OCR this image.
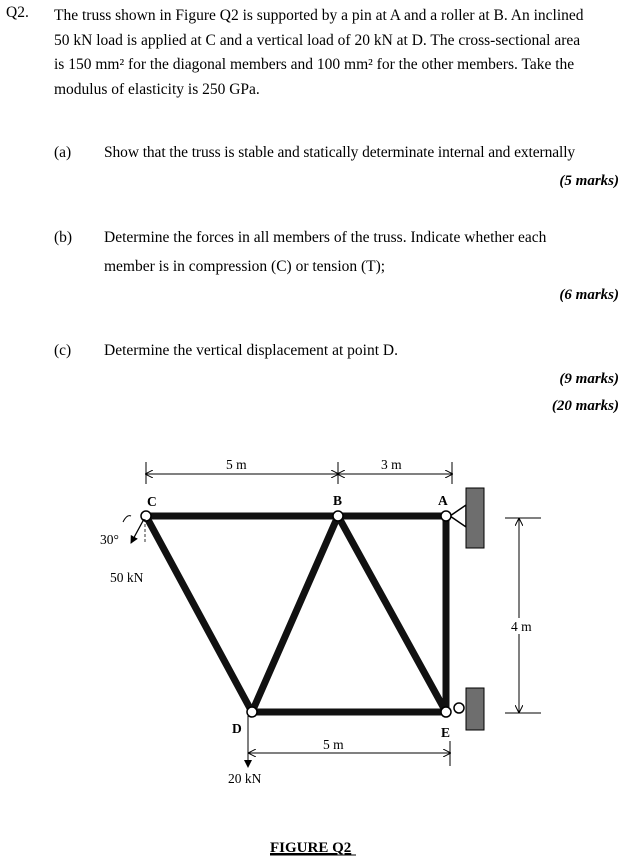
Q2. The truss shown in Figure Q2 is supported by a pin at A and a roller at B. An inclined
50 kN load is applied at C and a vertical load of 20 kN at D. The cross-sectional area
is 150 mm² for the diagonal members and 100 mm² for the other members. Take the
modulus of elasticity is 250 GPa.
(a) Show that the truss is stable and statically determinate internal and externally
(5 marks)
(b) Determine the forces in all members of the truss. Indicate whether each
member is in compression (C) or tension (T);
(6 marks)
(c) Determine the vertical displacement at point D.
(9 marks)
(20 marks)
5 m	3 m
C	B	A
D	E
30°
50 kN
20 kN
5 m
4 m
FIGURE Q2
